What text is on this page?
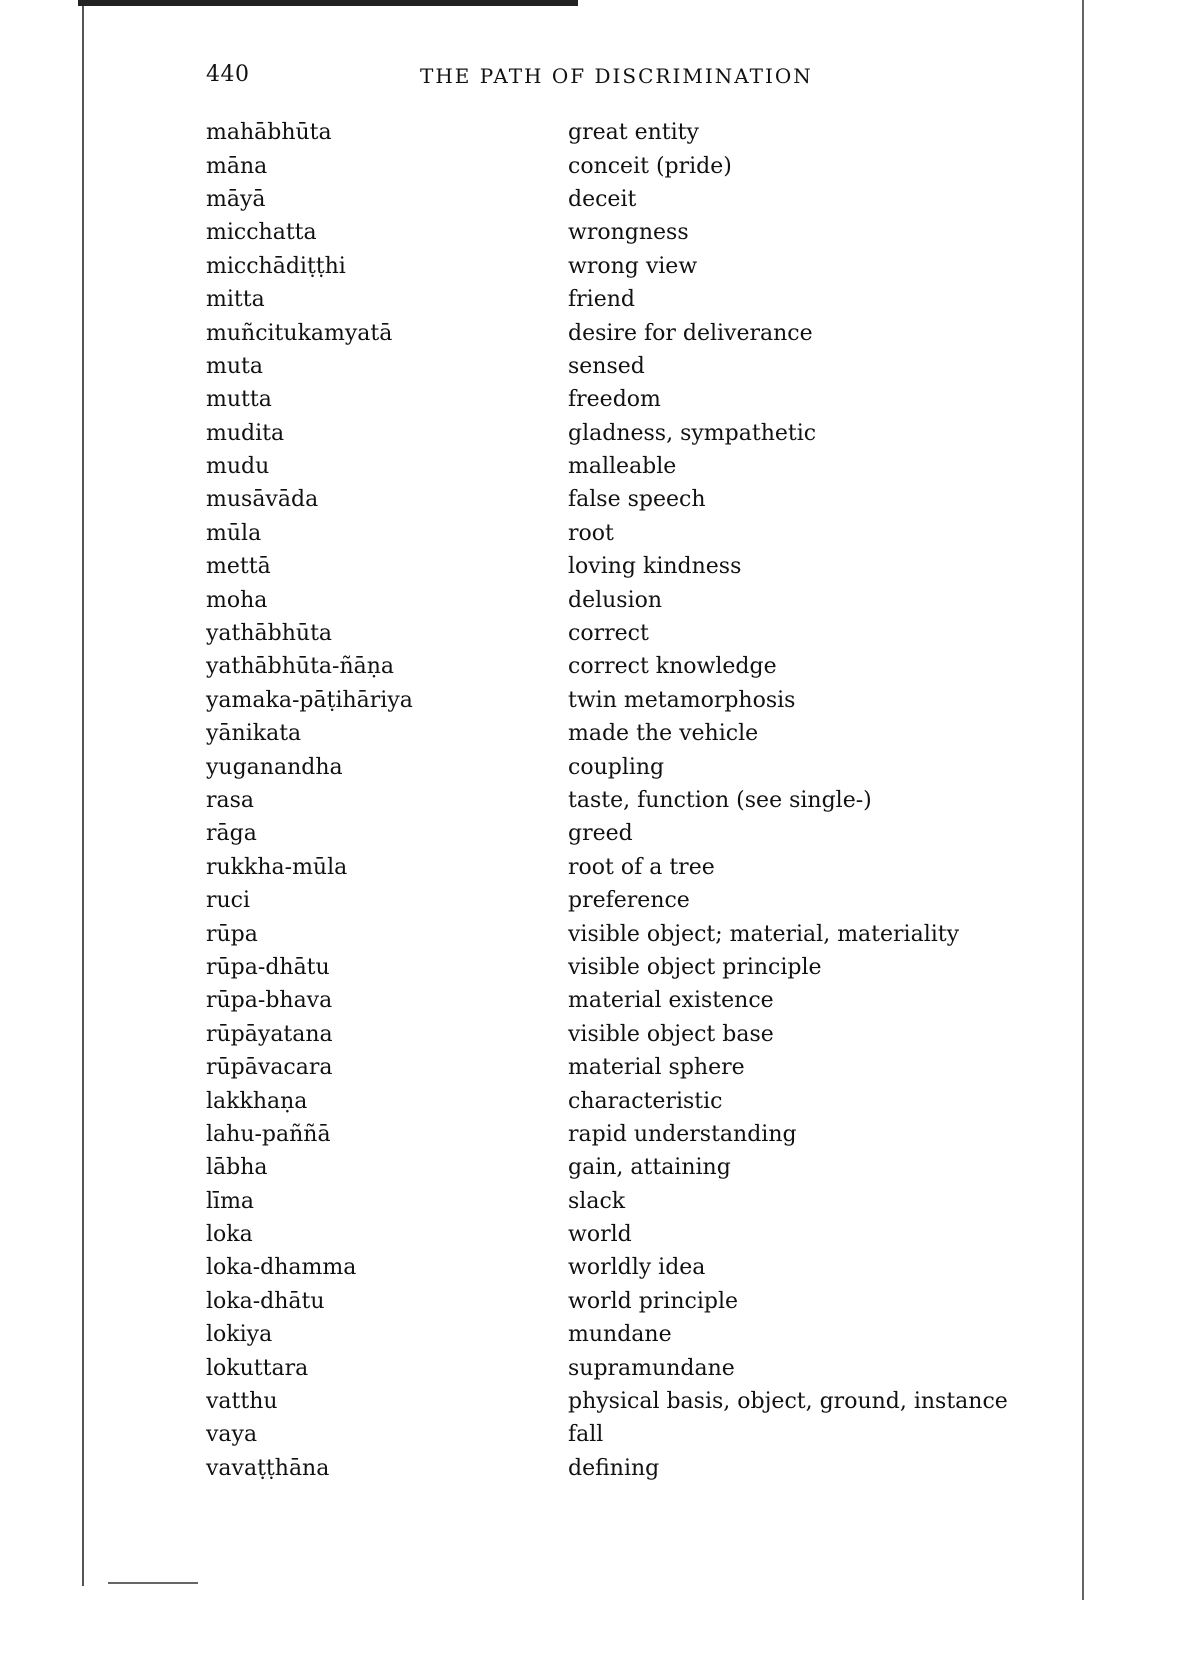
440	THE PATH OF DISCRIMINATION
mahābhūta	great entity
māna	conceit (pride)
māyā	deceit
micchatta	wrongness
micchādiṭṭhi	wrong view
mitta	friend
muñcitukamyatā	desire for deliverance
muta	sensed
mutta	freedom
mudita	gladness, sympathetic
mudu	malleable
musāvāda	false speech
mūla	root
mettā	loving kindness
moha	delusion
yathābhūta	correct
yathābhūta-ñāṇa	correct knowledge
yamaka-pāṭihāriya	twin metamorphosis
yānikata	made the vehicle
yuganandha	coupling
rasa	taste, function (see single-)
rāga	greed
rukkha-mūla	root of a tree
ruci	preference
rūpa	visible object; material, materiality
rūpa-dhātu	visible object principle
rūpa-bhava	material existence
rūpāyatana	visible object base
rūpāvacara	material sphere
lakkhaṇa	characteristic
lahu-paññā	rapid understanding
lābha	gain, attaining
līma	slack
loka	world
loka-dhamma	worldly idea
loka-dhātu	world principle
lokiya	mundane
lokuttara	supramundane
vatthu	physical basis, object, ground, instance
vaya	fall
vavaṭṭhāna	defining
